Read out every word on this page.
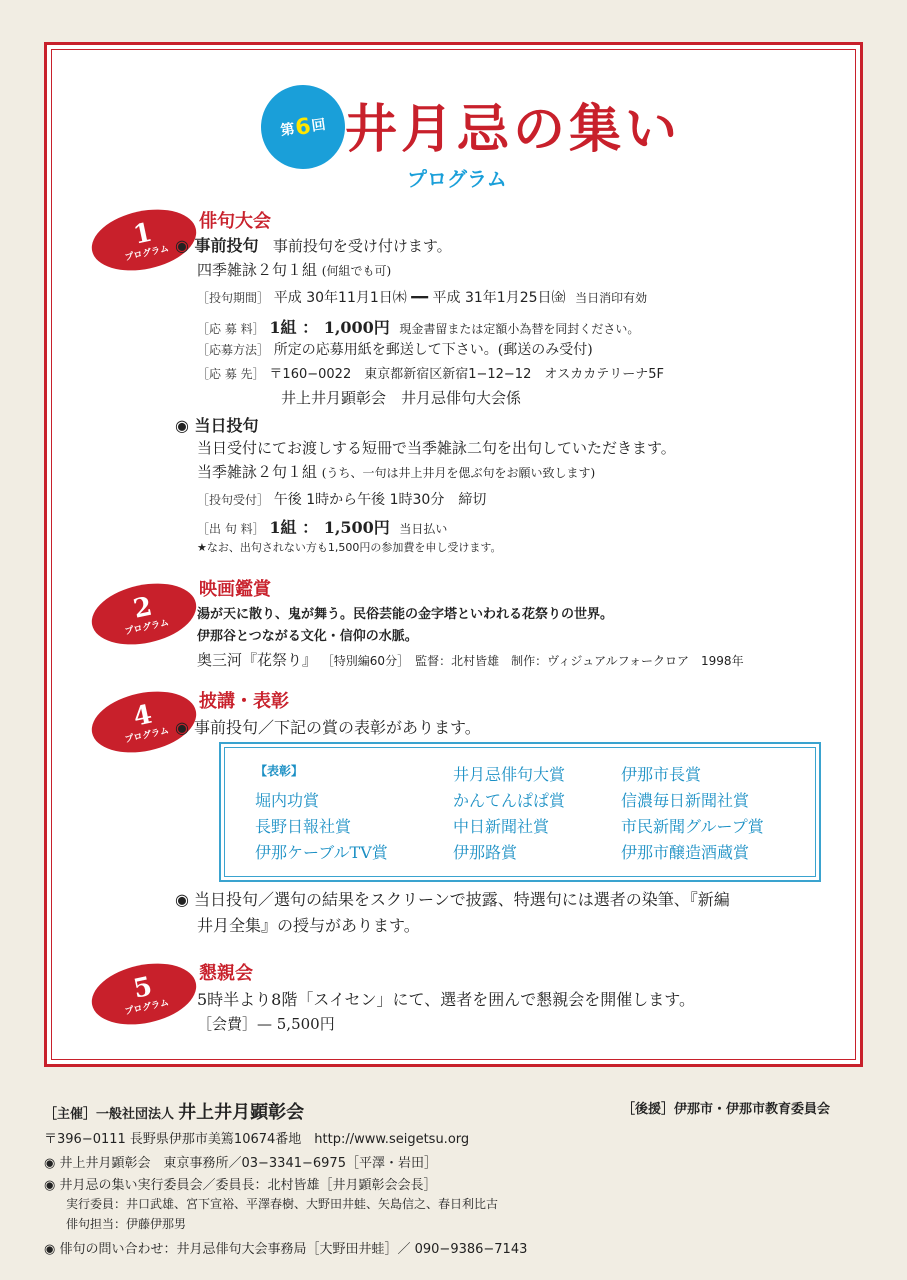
第
6
回 井月忌の集い
プログラム
1
プログラム
俳句大会
◉ 事前投句 事前投句を受け付けます。
四季雑詠２句１組 (何組でも可)
［投句期間］ 平成 30年11月1日㈭ ━━ 平成 31年1月25日㈮ 当日消印有効
［応 募 料］ 1組 ： 1,000円 現金書留または定額小為替を同封ください。
［応募方法］ 所定の応募用紙を郵送して下さい。(郵送のみ受付)
［応 募 先］ 〒160−0022　東京都新宿区新宿1−12−12　オスカカテリーナ5F
井上井月顕彰会　井月忌俳句大会係
◉ 当日投句
当日受付にてお渡しする短冊で当季雑詠二句を出句していただきます。
当季雑詠２句１組 (うち、一句は井上井月を偲ぶ句をお願い致します)
［投句受付］ 午後 1時から午後 1時30分　締切
［出 句 料］ 1組 ： 1,500円 当日払い
★なお、出句されない方も1,500円の参加費を申し受けます。
2
プログラム
映画鑑賞
湯が天に散り、鬼が舞う。民俗芸能の金字塔といわれる花祭りの世界。
伊那谷とつながる文化・信仰の水脈。
奥三河『花祭り』 ［特別編60分］　監督：北村皆雄　制作：ヴィジュアルフォークロア　1998年
4
プログラム
披講・表彰
◉ 事前投句／下記の賞の表彰があります。
【表彰】	井月忌俳句大賞	伊那市長賞
堀内功賞	かんてんぱぱ賞	信濃毎日新聞社賞
長野日報社賞	中日新聞社賞	市民新聞グループ賞
伊那ケーブルTV賞	伊那路賞	伊那市醸造酒蔵賞
◉ 当日投句／選句の結果をスクリーンで披露、特選句には選者の染筆、『新編
井月全集』の授与があります。
5
プログラム
懇親会
5時半より8階「スイセン」にて、選者を囲んで懇親会を開催します。
［会費］— 5,500円
［主催］一般社団法人 井上井月顕彰会	［後援］伊那市・伊那市教育委員会
〒396−0111 長野県伊那市美篶10674番地　http://www.seigetsu.org
◉ 井上井月顕彰会　東京事務所／03−3341−6975［平澤・岩田］
◉ 井月忌の集い実行委員会／委員長：北村皆雄［井月顕彰会会長］
実行委員：井口武雄、宮下宣裕、平澤春樹、大野田井蛙、矢島信之、春日利比古
俳句担当：伊藤伊那男
◉ 俳句の問い合わせ：井月忌俳句大会事務局［大野田井蛙］／ 090−9386−7143
